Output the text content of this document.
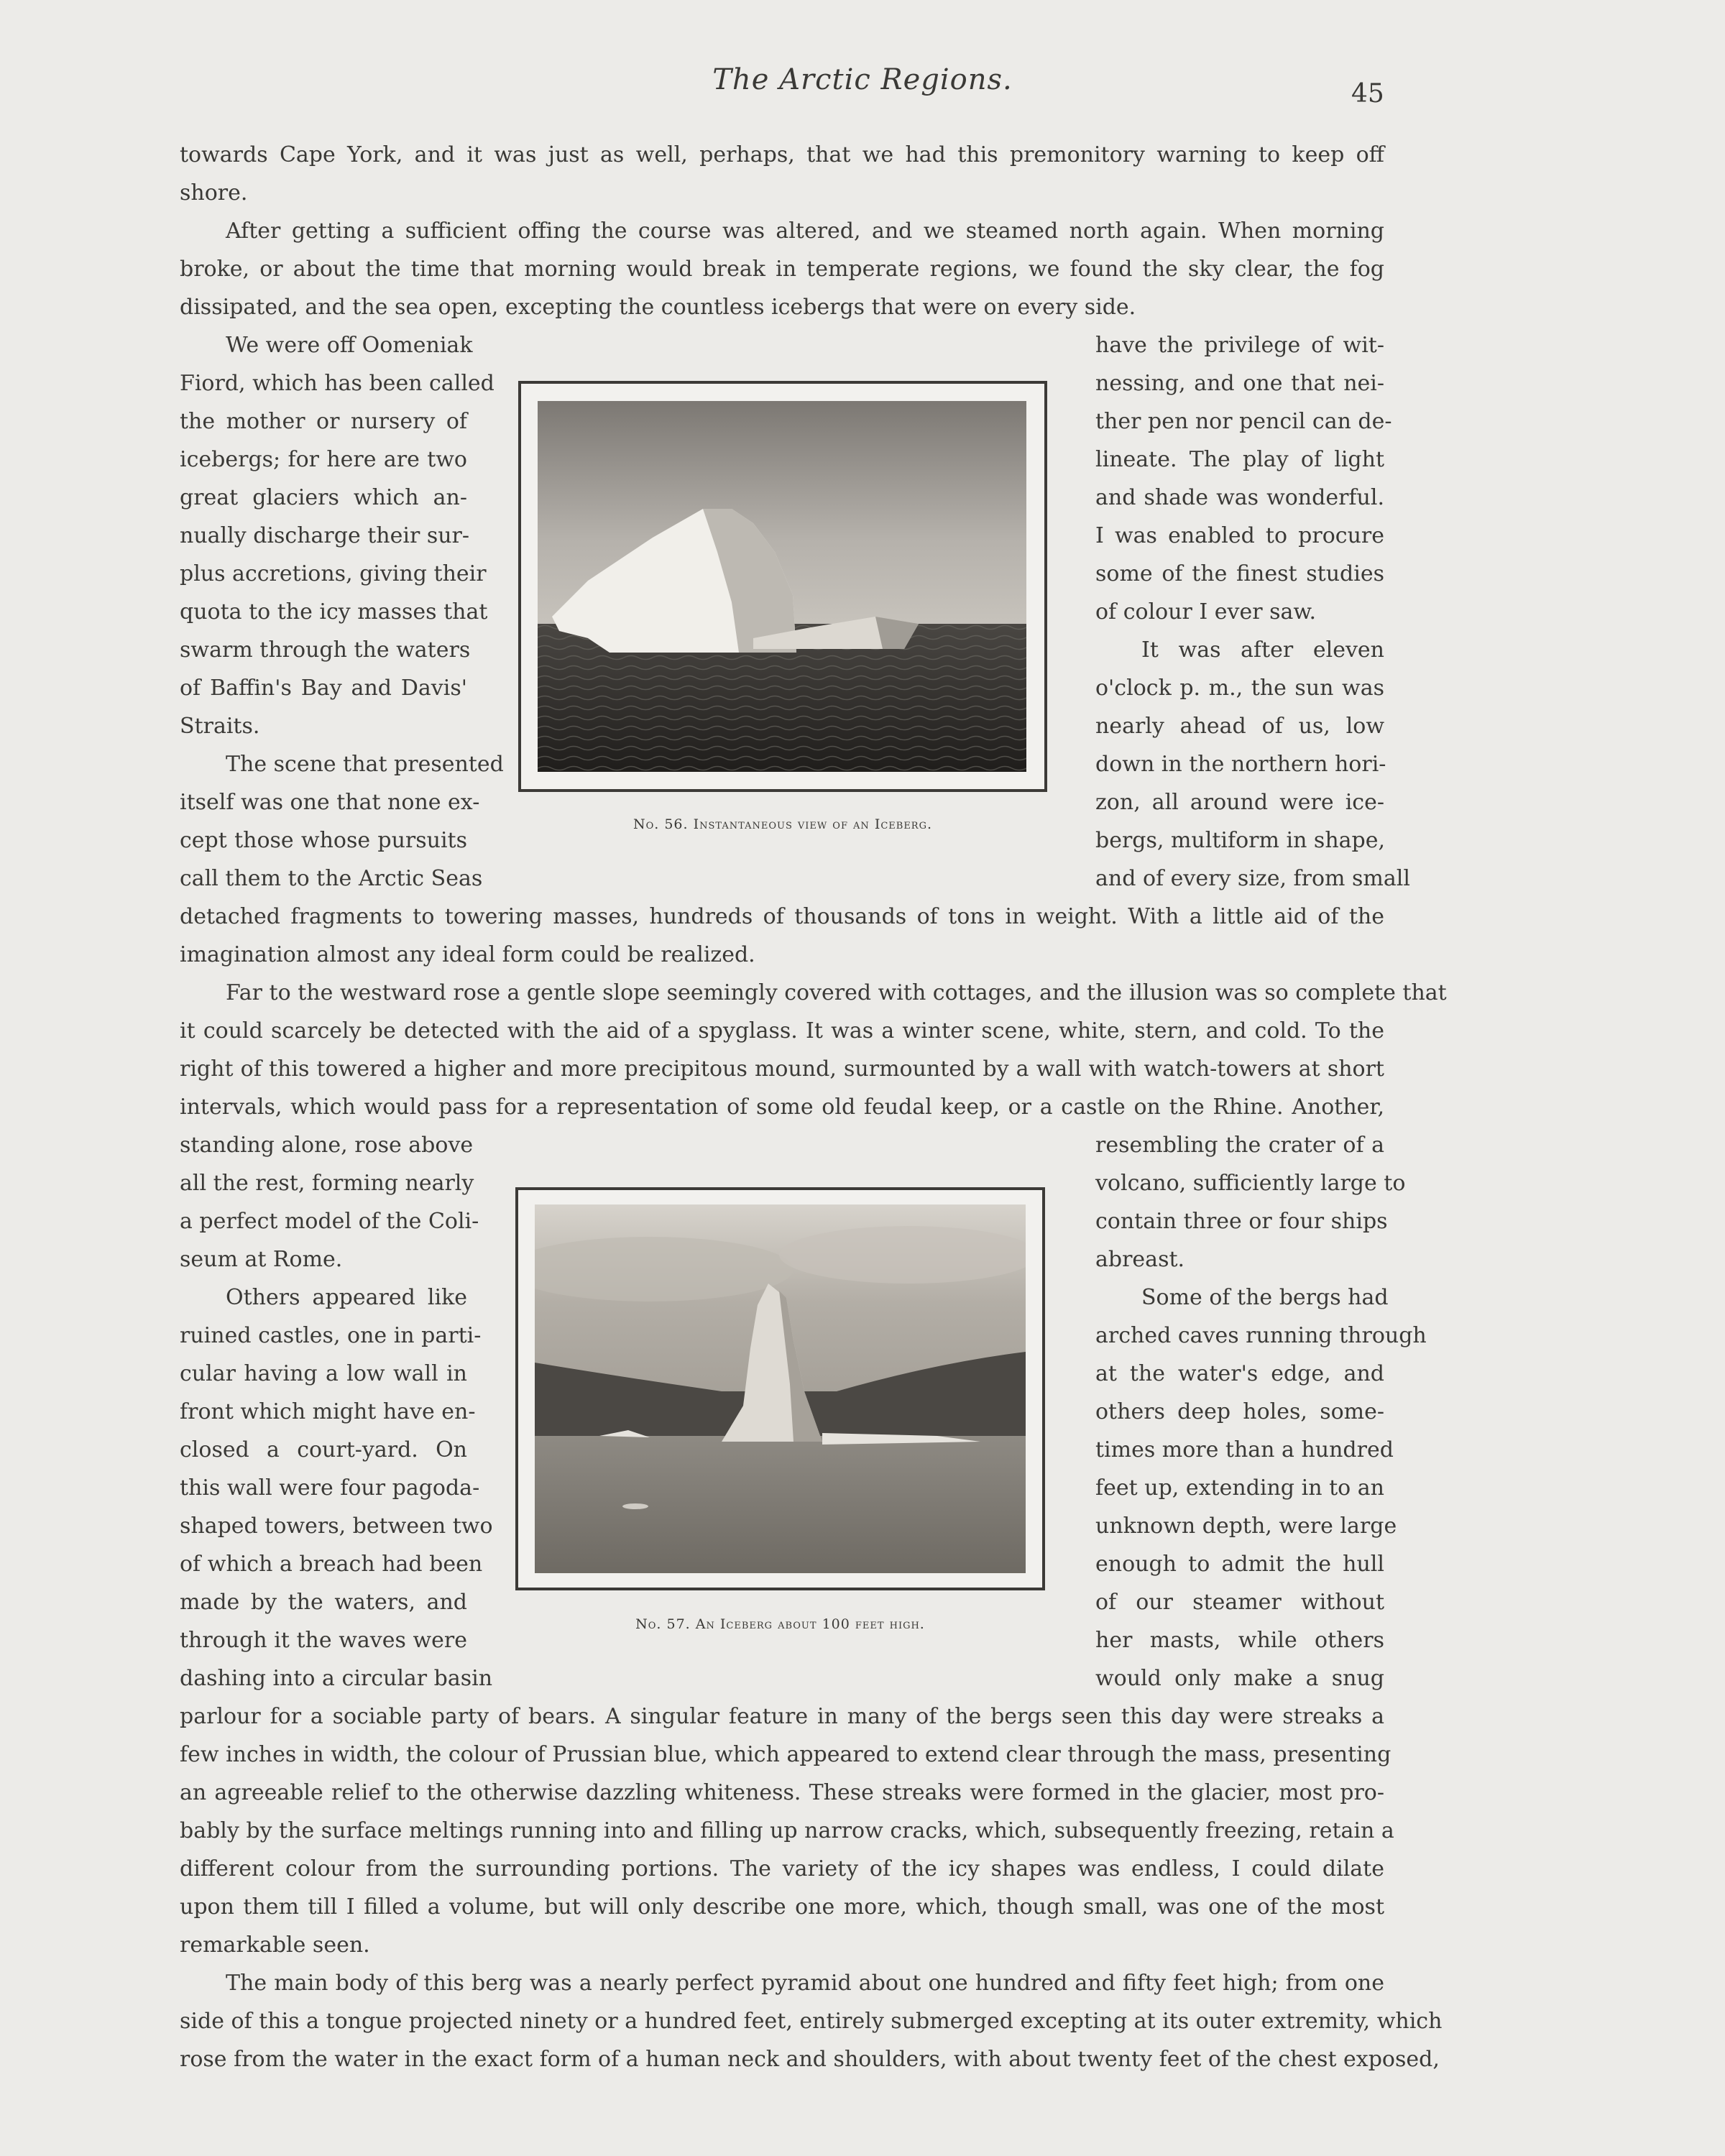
The Arctic Regions.	45
towards Cape York, and it was just as well, perhaps, that we had this premonitory warning to keep off
shore.
After getting a sufficient offing the course was altered, and we steamed north again. When morning
broke, or about the time that morning would break in temperate regions, we found the sky clear, the fog
dissipated, and the sea open, excepting the countless icebergs that were on every side.
We were off Oomeniak
Fiord, which has been called
the mother or nursery of
icebergs; for here are two
great glaciers which an-
nually discharge their sur-
plus accretions, giving their
quota to the icy masses that
swarm through the waters
of Baffin's Bay and Davis'
Straits.
The scene that presented
itself was one that none ex-
cept those whose pursuits
call them to the Arctic Seas
have the privilege of wit-
nessing, and one that nei-
ther pen nor pencil can de-
lineate. The play of light
and shade was wonderful.
I was enabled to procure
some of the finest studies
of colour I ever saw.
It was after eleven
o'clock p. m., the sun was
nearly ahead of us, low
down in the northern hori-
zon, all around were ice-
bergs, multiform in shape,
and of every size, from small
No. 56. Instantaneous view of an Iceberg.
detached fragments to towering masses, hundreds of thousands of tons in weight. With a little aid of the
imagination almost any ideal form could be realized.
Far to the westward rose a gentle slope seemingly covered with cottages, and the illusion was so complete that
it could scarcely be detected with the aid of a spyglass. It was a winter scene, white, stern, and cold. To the
right of this towered a higher and more precipitous mound, surmounted by a wall with watch-towers at short
intervals, which would pass for a representation of some old feudal keep, or a castle on the Rhine. Another,
standing alone, rose above
all the rest, forming nearly
a perfect model of the Coli-
seum at Rome.
Others appeared like
ruined castles, one in parti-
cular having a low wall in
front which might have en-
closed a court-yard. On
this wall were four pagoda-
shaped towers, between two
of which a breach had been
made by the waters, and
through it the waves were
dashing into a circular basin
resembling the crater of a
volcano, sufficiently large to
contain three or four ships
abreast.
Some of the bergs had
arched caves running through
at the water's edge, and
others deep holes, some-
times more than a hundred
feet up, extending in to an
unknown depth, were large
enough to admit the hull
of our steamer without
her masts, while others
would only make a snug
No. 57. An Iceberg about 100 feet high.
parlour for a sociable party of bears. A singular feature in many of the bergs seen this day were streaks a
few inches in width, the colour of Prussian blue, which appeared to extend clear through the mass, presenting
an agreeable relief to the otherwise dazzling whiteness. These streaks were formed in the glacier, most pro-
bably by the surface meltings running into and filling up narrow cracks, which, subsequently freezing, retain a
different colour from the surrounding portions. The variety of the icy shapes was endless, I could dilate
upon them till I filled a volume, but will only describe one more, which, though small, was one of the most
remarkable seen.
The main body of this berg was a nearly perfect pyramid about one hundred and fifty feet high; from one
side of this a tongue projected ninety or a hundred feet, entirely submerged excepting at its outer extremity, which
rose from the water in the exact form of a human neck and shoulders, with about twenty feet of the chest exposed,
